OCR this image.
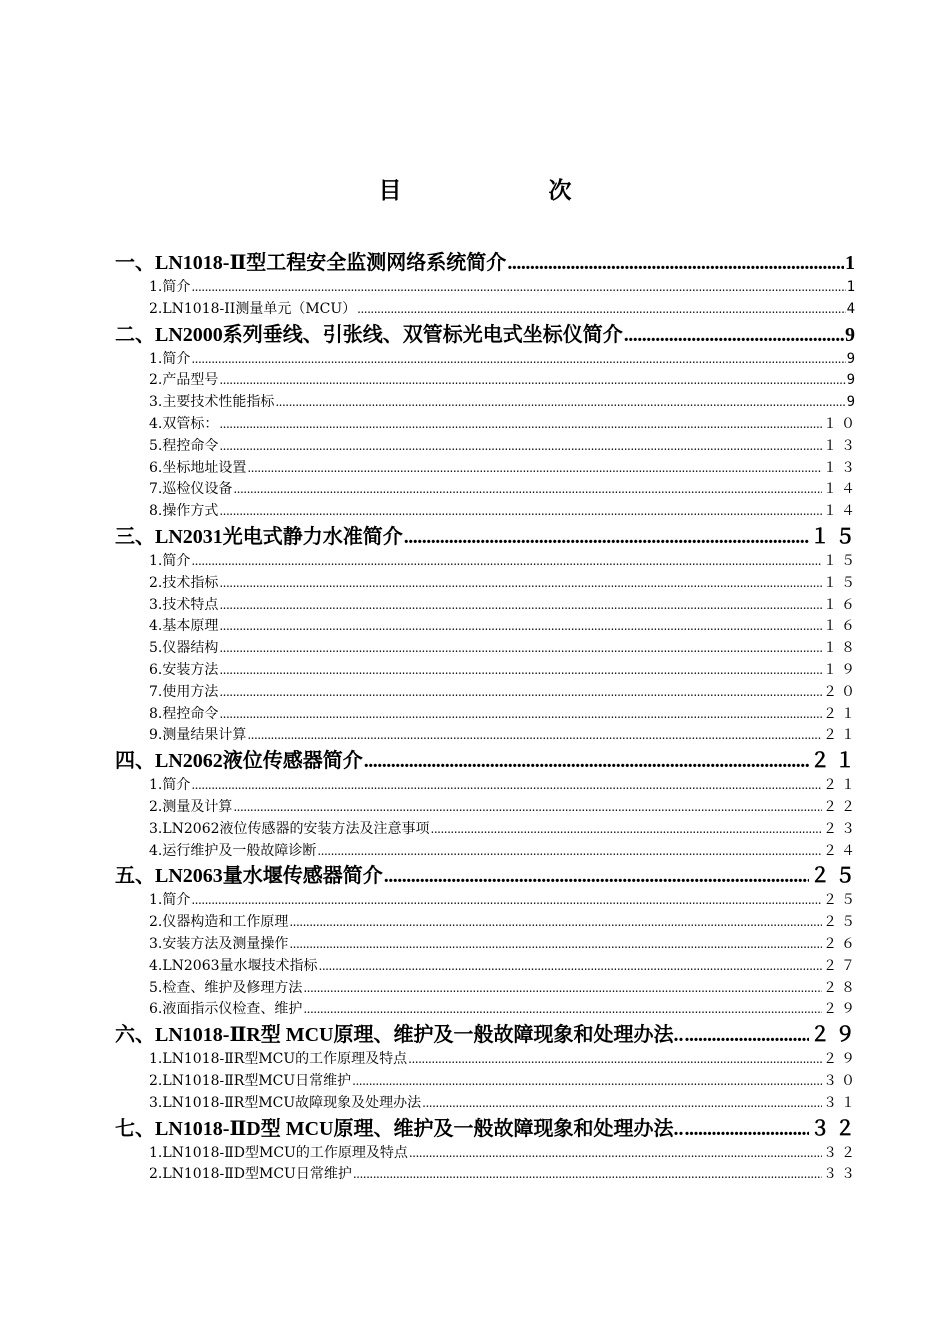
目　次
一、LN1018-Ⅱ型工程安全监测网络系统简介 .....	1
1.简介 .....	1
2.LN1018-II测量单元（MCU） .....	4
二、LN2000系列垂线、引张线、双管标光电式坐标仪简介 .....	9
1.简介 .....	9
2.产品型号 .....	9
3.主要技术性能指标 .....	9
4.双管标： .....	１０
5.程控命令 .....	１３
6.坐标地址设置 .....	１３
7.巡检仪设备 .....	１４
8.操作方式 .....	１４
三、LN2031光电式静力水准简介 .....	１５
1.简介 .....	１５
2.技术指标 .....	１５
3.技术特点 .....	１６
4.基本原理 .....	１６
5.仪器结构 .....	１８
6.安装方法 .....	１９
7.使用方法 .....	２０
8.程控命令 .....	２１
9.测量结果计算 .....	２１
四、LN2062液位传感器简介 .....	２１
1.简介 .....	２１
2.测量及计算 .....	２２
3.LN2062液位传感器的安装方法及注意事项 .....	２３
4.运行维护及一般故障诊断 .....	２４
五、LN2063量水堰传感器简介 .....	２５
1.简介 .....	２５
2.仪器构造和工作原理 .....	２５
3.安装方法及测量操作 .....	２６
4.LN2063量水堰技术指标 .....	２７
5.检查、维护及修理方法 .....	２８
6.液面指示仪检查、维护 .....	２９
六、LN1018-ⅡR型 MCU原理、维护及一般故障现象和处理办法.. .....	２９
1.LN1018-ⅡR型MCU的工作原理及特点 .....	２９
2.LN1018-ⅡR型MCU日常维护 .....	３０
3.LN1018-ⅡR型MCU故障现象及处理办法 .....	３１
七、LN1018-ⅡD型 MCU原理、维护及一般故障现象和处理办法.. .....	３２
1.LN1018-ⅡD型MCU的工作原理及特点 .....	３２
2.LN1018-ⅡD型MCU日常维护 .....	３３
